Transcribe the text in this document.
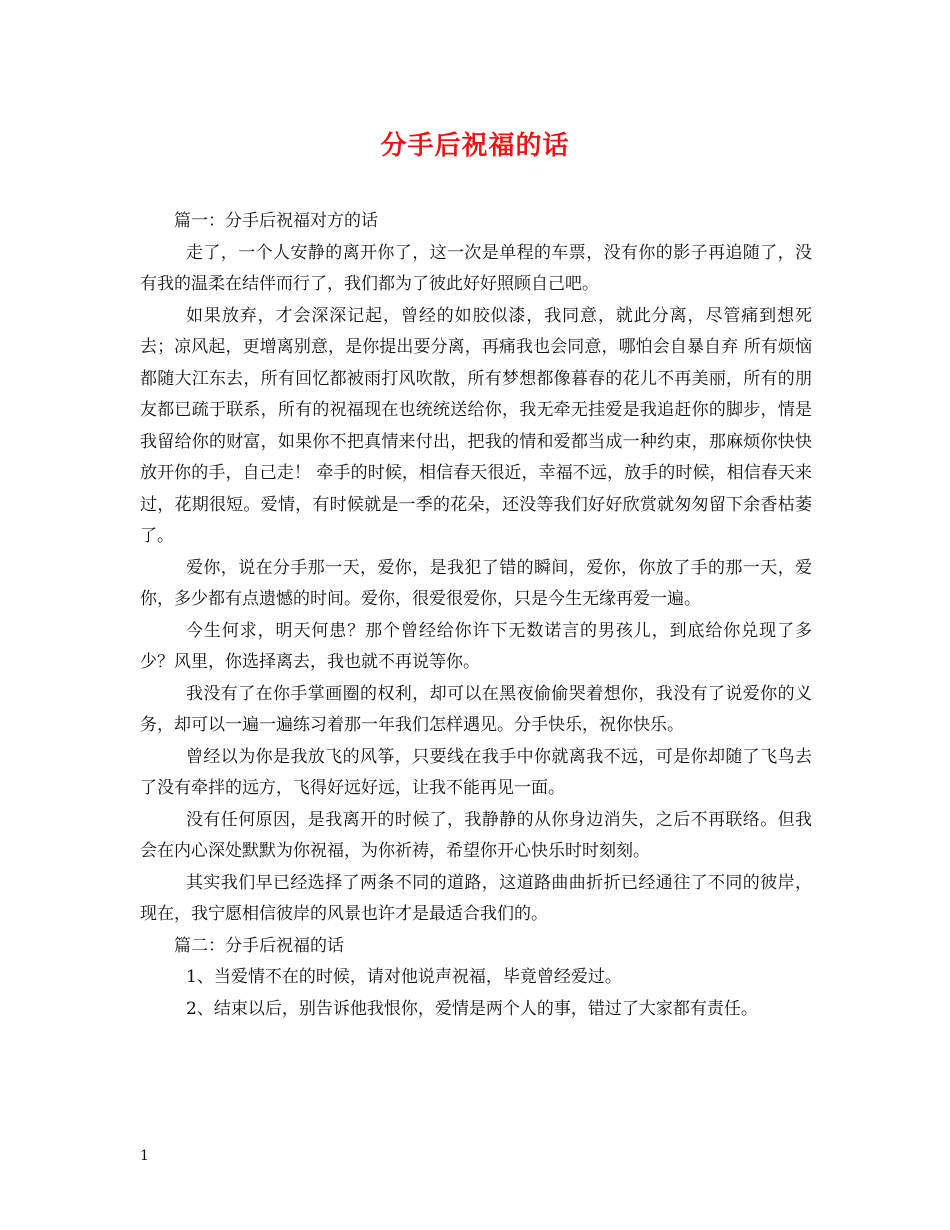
分手后祝福的话

篇一：分手后祝福对方的话

走了，一个人安静的离开你了，这一次是单程的车票，没有你的影子再追随了，没有我的温柔在结伴而行了，我们都为了彼此好好照顾自己吧。

如果放弃，才会深深记起，曾经的如胶似漆，我同意，就此分离，尽管痛到想死去；凉风起，更增离别意，是你提出要分离，再痛我也会同意，哪怕会自暴自弃 所有烦恼都随大江东去，所有回忆都被雨打风吹散，所有梦想都像暮春的花儿不再美丽，所有的朋友都已疏于联系，所有的祝福现在也统统送给你，我无牵无挂爱是我追赶你的脚步，情是我留给你的财富，如果你不把真情来付出，把我的情和爱都当成一种约束，那麻烦你快快放开你的手，自己走！ 牵手的时候，相信春天很近，幸福不远，放手的时候，相信春天来过，花期很短。爱情，有时候就是一季的花朵，还没等我们好好欣赏就匆匆留下余香枯萎了。

爱你，说在分手那一天，爱你，是我犯了错的瞬间，爱你，你放了手的那一天，爱你，多少都有点遗憾的时间。爱你，很爱很爱你，只是今生无缘再爱一遍。

今生何求，明天何患？那个曾经给你许下无数诺言的男孩儿，到底给你兑现了多少？风里，你选择离去，我也就不再说等你。

我没有了在你手掌画圈的权利，却可以在黑夜偷偷哭着想你，我没有了说爱你的义务，却可以一遍一遍练习着那一年我们怎样遇见。分手快乐，祝你快乐。

曾经以为你是我放飞的风筝，只要线在我手中你就离我不远，可是你却随了飞鸟去了没有牵拌的远方，飞得好远好远，让我不能再见一面。

没有任何原因，是我离开的时候了，我静静的从你身边消失，之后不再联络。但我会在内心深处默默为你祝福，为你祈祷，希望你开心快乐时时刻刻。

其实我们早已经选择了两条不同的道路，这道路曲曲折折已经通往了不同的彼岸，现在，我宁愿相信彼岸的风景也许才是最适合我们的。

篇二：分手后祝福的话

1、当爱情不在的时候，请对他说声祝福，毕竟曾经爱过。

2、结束以后，别告诉他我恨你，爱情是两个人的事，错过了大家都有责任。

1
